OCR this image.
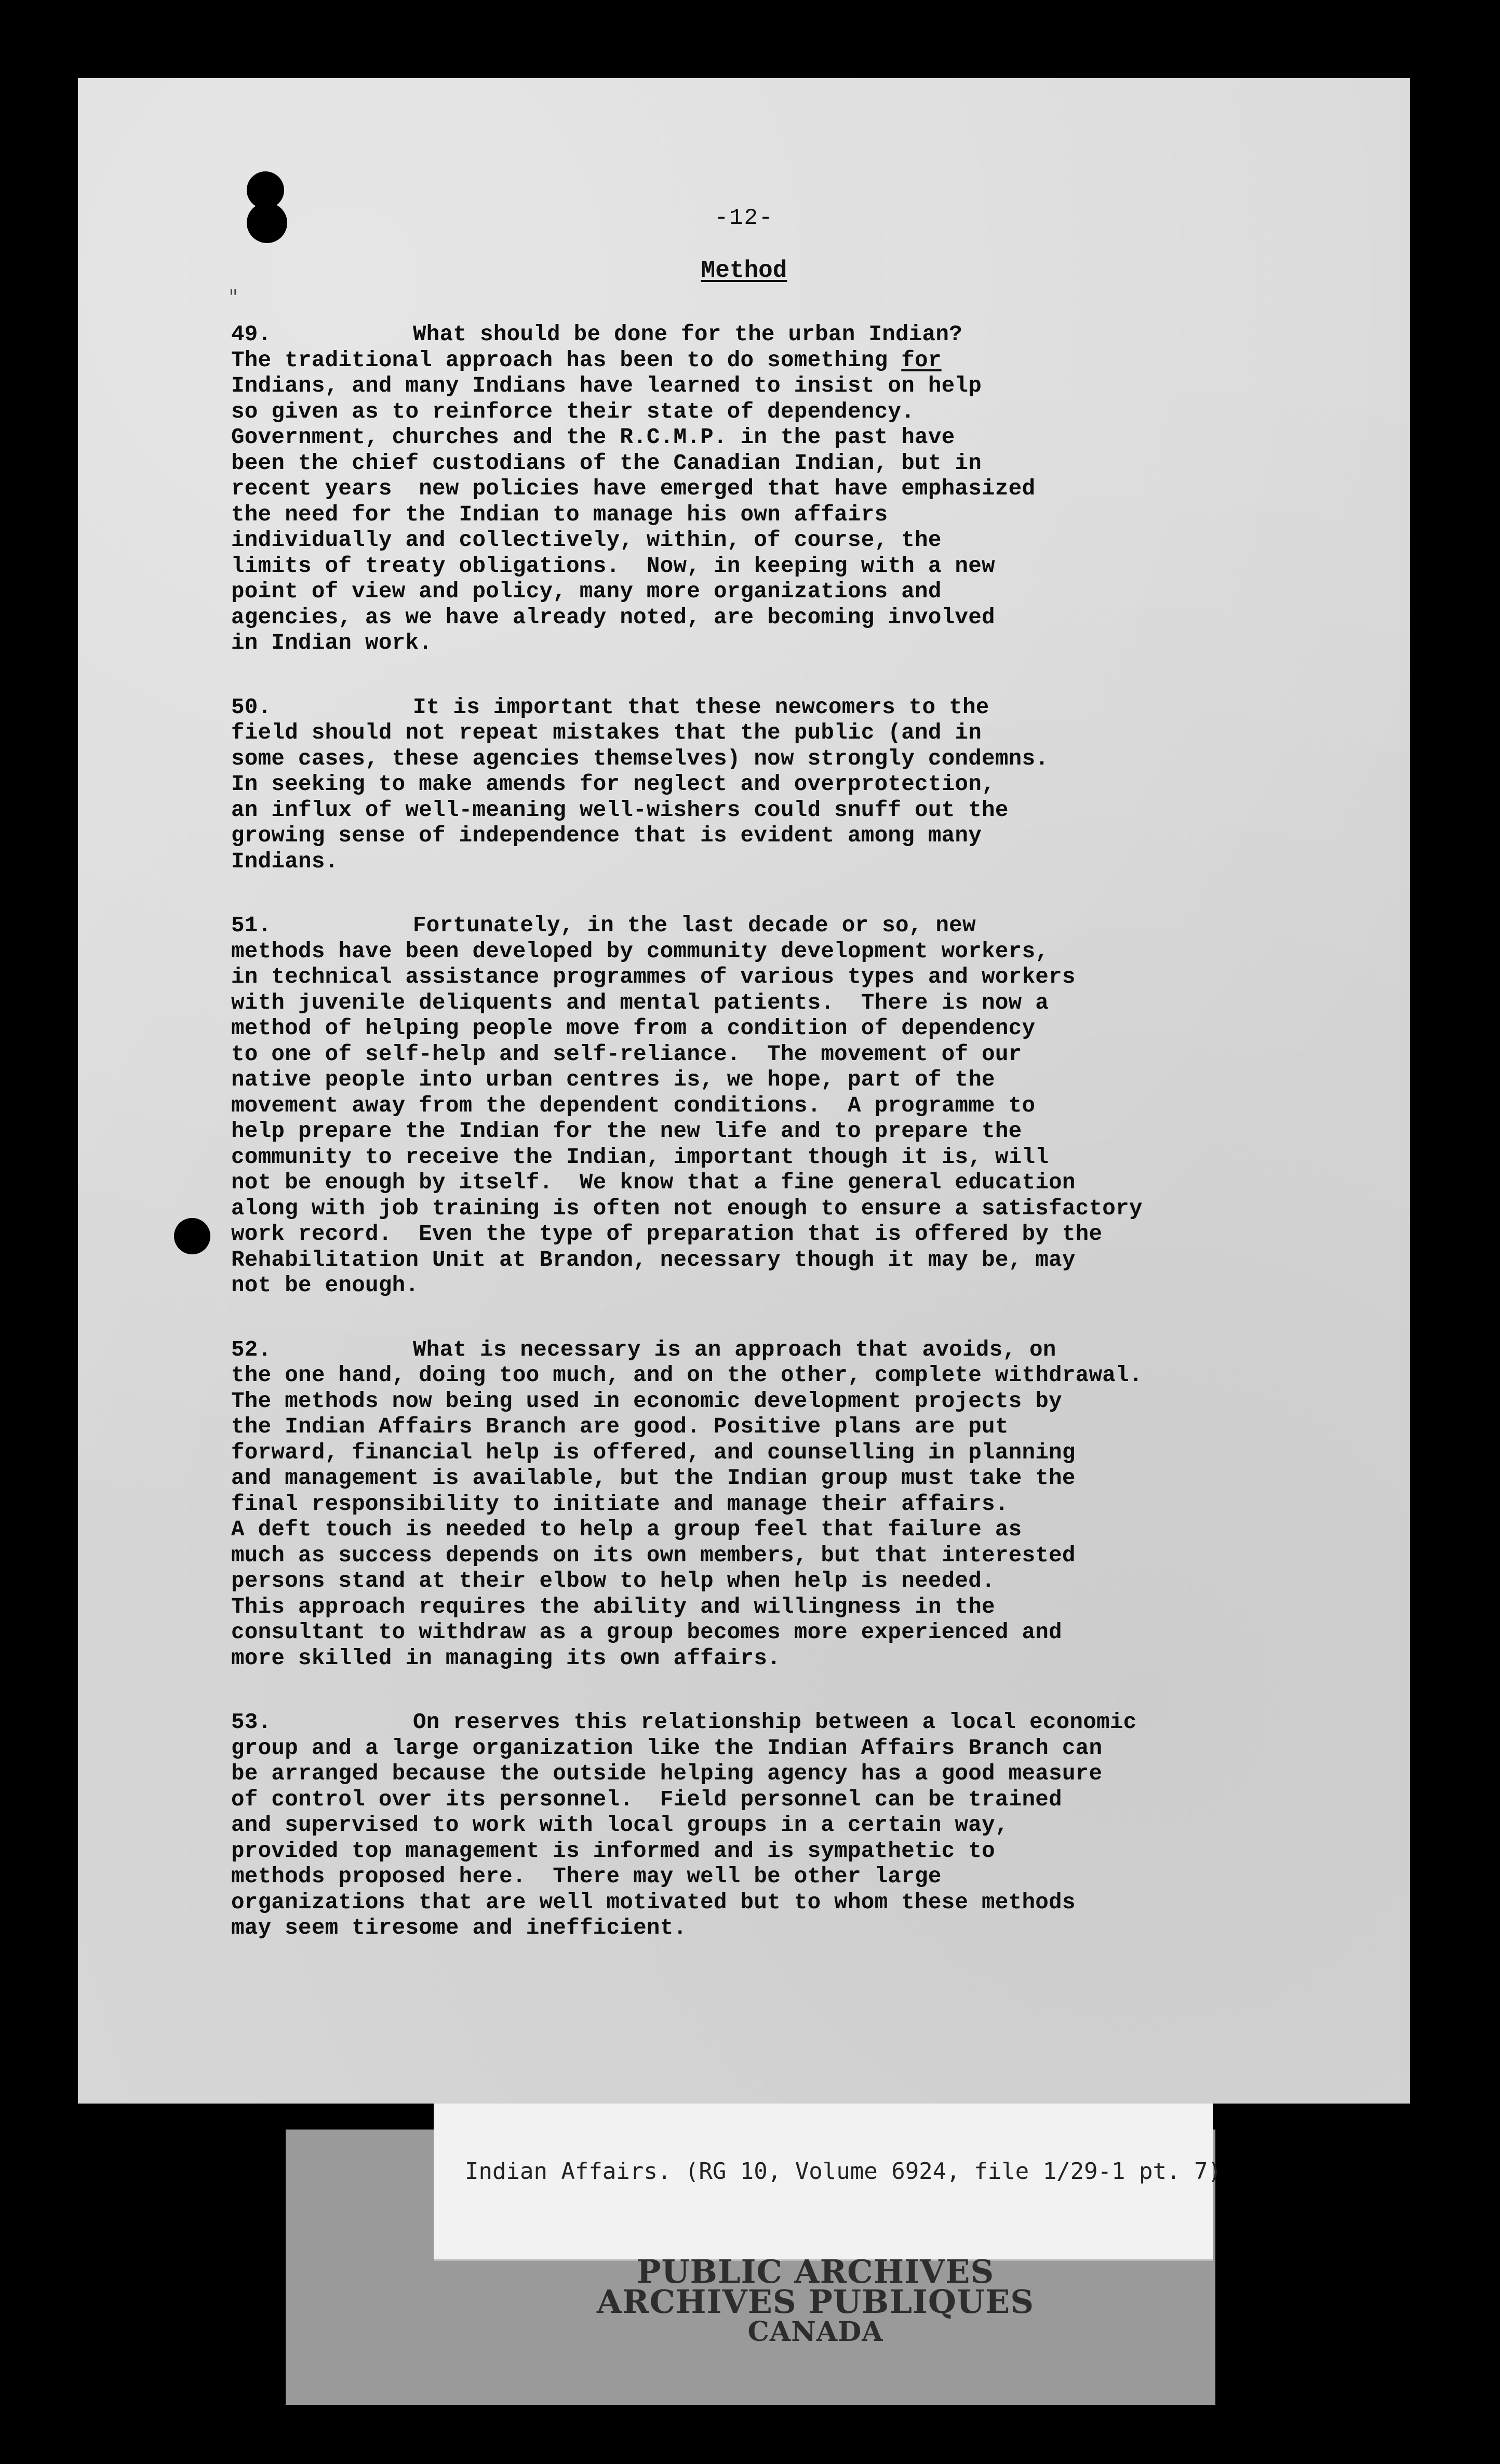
-12-
Method
"
49.	What should be done for the urban Indian?
The traditional approach has been to do something for
Indians, and many Indians have learned to insist on help
so given as to reinforce their state of dependency.
Government, churches and the R.C.M.P. in the past have
been the chief custodians of the Canadian Indian, but in
recent years  new policies have emerged that have emphasized
the need for the Indian to manage his own affairs
individually and collectively, within, of course, the
limits of treaty obligations.  Now, in keeping with a new
point of view and policy, many more organizations and
agencies, as we have already noted, are becoming involved
in Indian work.
50.	It is important that these newcomers to the
field should not repeat mistakes that the public (and in
some cases, these agencies themselves) now strongly condemns.
In seeking to make amends for neglect and overprotection,
an influx of well-meaning well-wishers could snuff out the
growing sense of independence that is evident among many
Indians.
51.	Fortunately, in the last decade or so, new
methods have been developed by community development workers,
in technical assistance programmes of various types and workers
with juvenile deliquents and mental patients.  There is now a
method of helping people move from a condition of dependency
to one of self-help and self-reliance.  The movement of our
native people into urban centres is, we hope, part of the
movement away from the dependent conditions.  A programme to
help prepare the Indian for the new life and to prepare the
community to receive the Indian, important though it is, will
not be enough by itself.  We know that a fine general education
along with job training is often not enough to ensure a satisfactory
work record.  Even the type of preparation that is offered by the
Rehabilitation Unit at Brandon, necessary though it may be, may
not be enough.
52.	What is necessary is an approach that avoids, on
the one hand, doing too much, and on the other, complete withdrawal.
The methods now being used in economic development projects by
the Indian Affairs Branch are good. Positive plans are put
forward, financial help is offered, and counselling in planning
and management is available, but the Indian group must take the
final responsibility to initiate and manage their affairs.
A deft touch is needed to help a group feel that failure as
much as success depends on its own members, but that interested
persons stand at their elbow to help when help is needed.
This approach requires the ability and willingness in the
consultant to withdraw as a group becomes more experienced and
more skilled in managing its own affairs.
53.	On reserves this relationship between a local economic
group and a large organization like the Indian Affairs Branch can
be arranged because the outside helping agency has a good measure
of control over its personnel.  Field personnel can be trained
and supervised to work with local groups in a certain way,
provided top management is informed and is sympathetic to
methods proposed here.  There may well be other large
organizations that are well motivated but to whom these methods
may seem tiresome and inefficient.
Indian Affairs. (RG 10, Volume 6924, file 1/29-1 pt. 7)
PUBLIC ARCHIVES
ARCHIVES PUBLIQUES
CANADA
